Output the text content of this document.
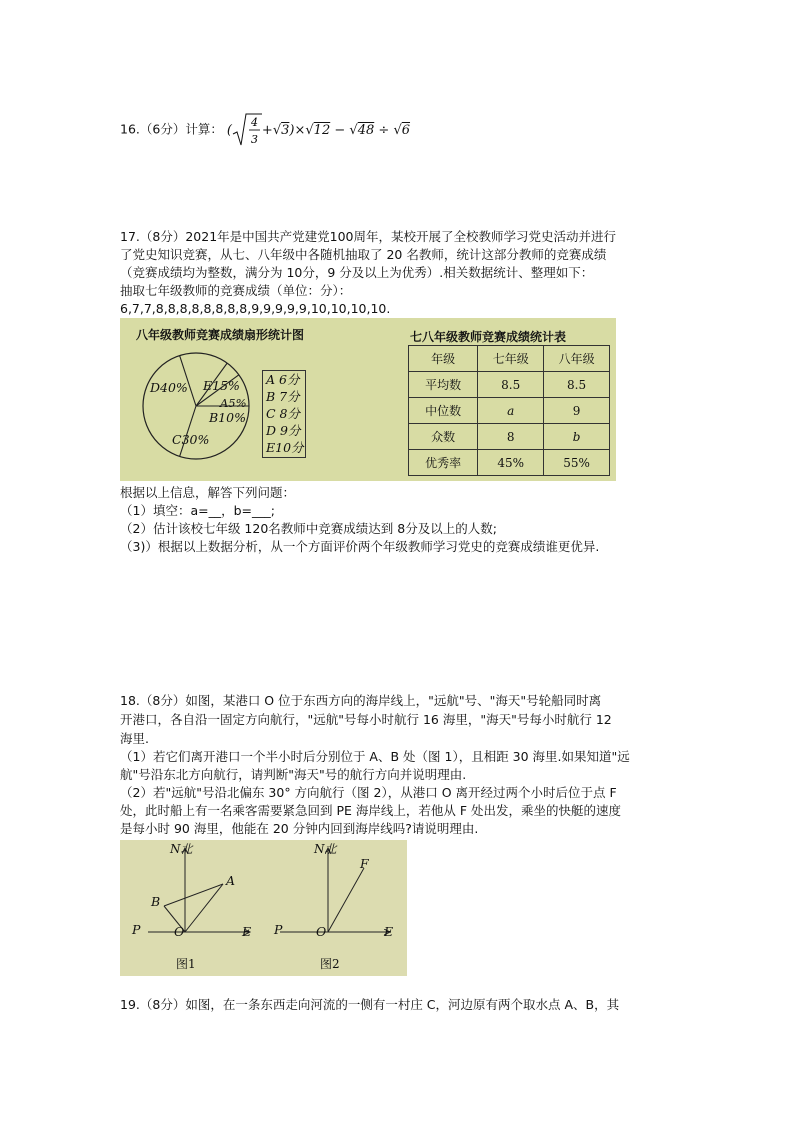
16.（6分）计算： ( 4
3
+√3)×√12 − √48 ÷ √6
17.（8分）2021年是中国共产党建党100周年，某校开展了全校教师学习党史活动并进行
了党史知识竞赛，从七、八年级中各随机抽取了 20 名教师，统计这部分教师的竞赛成绩
（竞赛成绩均为整数，满分为 10分，9 分及以上为优秀）.相关数据统计、整理如下：
抽取七年级教师的竞赛成绩（单位：分）：
6,7,7,8,8,8,8,8,8,8,8,9,9,9,9,9,10,10,10,10.
八年级教师竞赛成绩扇形统计图
D40% E15%
A5%
B10%
C30%
A 6分
B 7分
C 8分
D 9分
E10分
七八年级教师竞赛成绩统计表
年级	七年级	八年级
平均数	8.5	8.5
中位数	a	9
众数	8	b
优秀率	45%	55%
根据以上信息，解答下列问题：
（1）填空：a=__，b=___;
（2）估计该校七年级 120名教师中竞赛成绩达到 8分及以上的人数;
（3)）根据以上数据分析，从一个方面评价两个年级教师学习党史的竞赛成绩谁更优异.
18.（8分）如图，某港口 O 位于东西方向的海岸线上，"远航"号、"海天"号轮船同时离
开港口，各自沿一固定方向航行，"远航"号每小时航行 16 海里，"海天"号每小时航行 12
海里.
（1）若它们离开港口一个半小时后分别位于 A、B 处（图 1），且相距 30 海里.如果知道"远
航"号沿东北方向航行，请判断"海天"号的航行方向并说明理由.
（2）若"远航"号沿北偏东 30° 方向航行（图 2），从港口 O 离开经过两个小时后位于点 F
处，此时船上有一名乘客需要紧急回到 PE 海岸线上，若他从 F 处出发，乘坐的快艇的速度
是每小时 90 海里，他能在 20 分钟内回到海岸线吗?请说明理由.
N北
A
B
O
P	E
图1
N北
F
O
P	E
图2
19.（8分）如图，在一条东西走向河流的一侧有一村庄 C，河边原有两个取水点 A、B，其
